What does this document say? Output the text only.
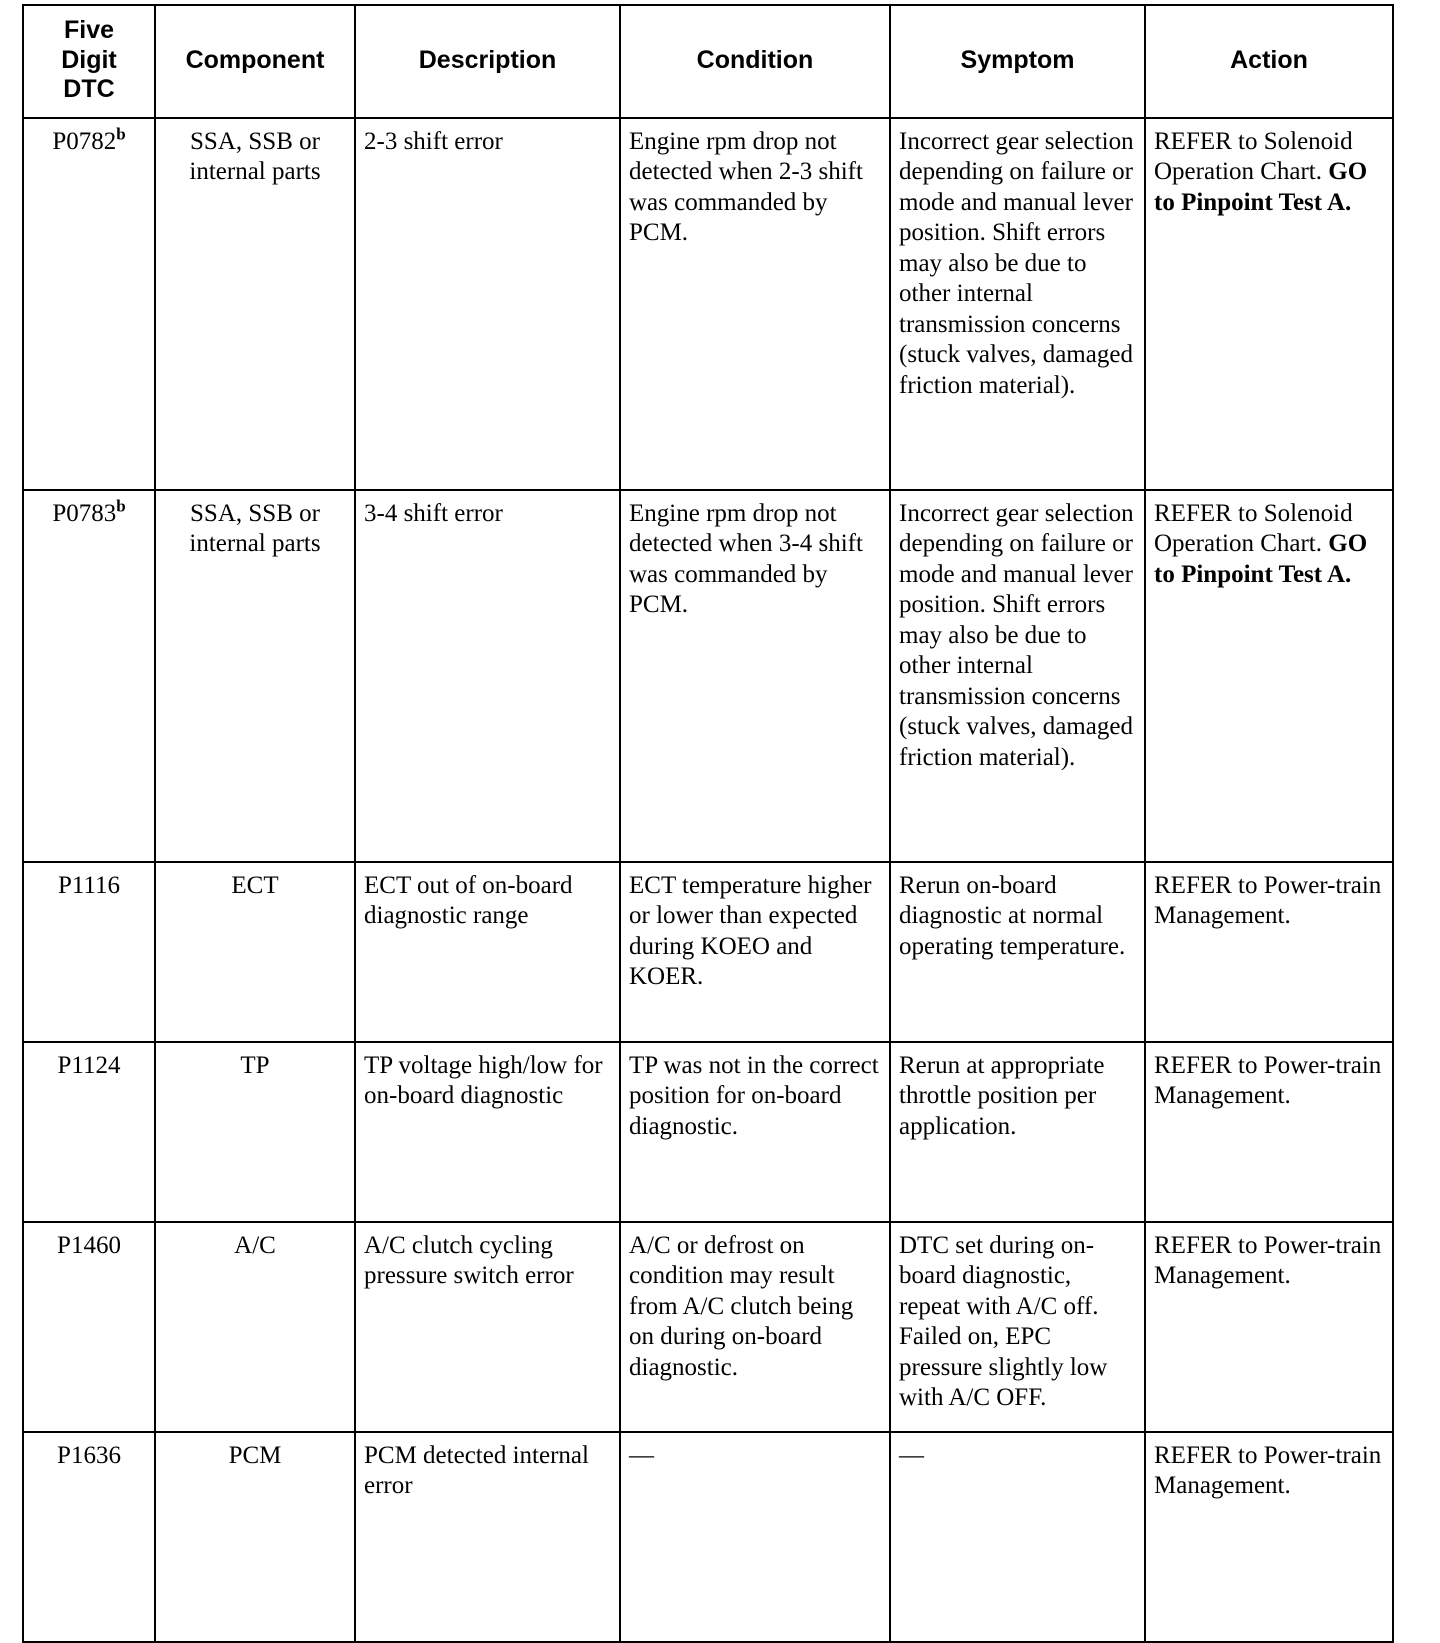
Five
Digit
DTC	Component	Description	Condition	Symptom	Action
P0782$^b$	SSA, SSB or internal parts	2-3 shift error	Engine rpm drop not detected when 2-3 shift was commanded by PCM.	Incorrect gear selection depending on failure or mode and manual lever position. Shift errors may also be due to other internal transmission concerns (stuck valves, damaged friction material).	REFER to Solenoid Operation Chart. GO to Pinpoint Test A.
P0783$^b$	SSA, SSB or internal parts	3-4 shift error	Engine rpm drop not detected when 3-4 shift was commanded by PCM.	Incorrect gear selection depending on failure or mode and manual lever position. Shift errors may also be due to other internal transmission concerns (stuck valves, damaged friction material).	REFER to Solenoid Operation Chart. GO to Pinpoint Test A.
P1116	ECT	ECT out of on-board diagnostic range	ECT temperature higher or lower than expected during KOEO and KOER.	Rerun on-board diagnostic at normal operating temperature.	REFER to Power-train Management.
P1124	TP	TP voltage high/low for on-board diagnostic	TP was not in the correct position for on-board diagnostic.	Rerun at appropriate throttle position per application.	REFER to Power-train Management.
P1460	A/C	A/C clutch cycling pressure switch error	A/C or defrost on condition may result from A/C clutch being on during on-board diagnostic.	DTC set during on-board diagnostic, repeat with A/C off. Failed on, EPC pressure slightly low with A/C OFF.	REFER to Power-train Management.
P1636	PCM	PCM detected internal error	—	—	REFER to Power-train Management.
